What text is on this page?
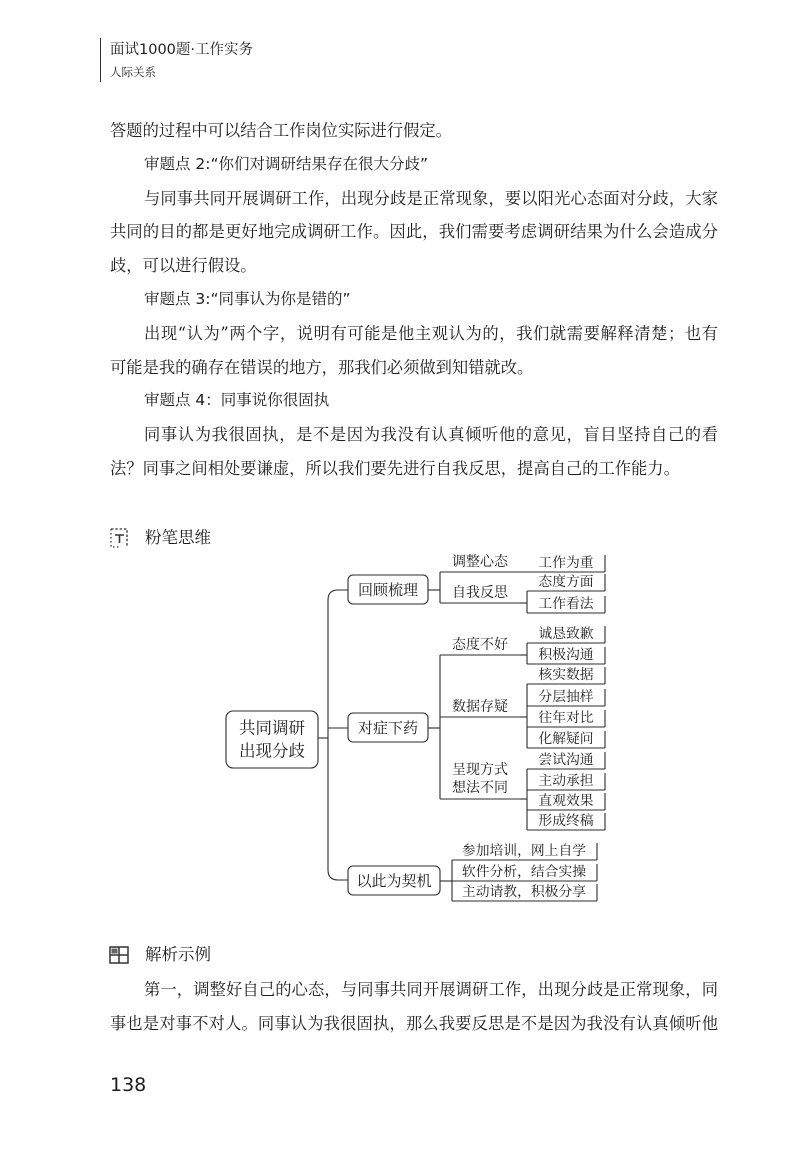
面试1000题·工作实务
人际关系
答题的过程中可以结合工作岗位实际进行假定。
审题点 2:“你们对调研结果存在很大分歧”
与同事共同开展调研工作，出现分歧是正常现象，要以阳光心态面对分歧，大家
共同的目的都是更好地完成调研工作。因此，我们需要考虑调研结果为什么会造成分
歧，可以进行假设。
审题点 3:“同事认为你是错的”
出现“认为”两个字，说明有可能是他主观认为的，我们就需要解释清楚；也有
可能是我的确存在错误的地方，那我们必须做到知错就改。
审题点 4：同事说你很固执
同事认为我很固执，是不是因为我没有认真倾听他的意见，盲目坚持自己的看
法？同事之间相处要谦虚，所以我们要先进行自我反思，提高自己的工作能力。
粉笔思维
共同调研
出现分歧
回顾梳理
调整心态
自我反思
工作为重
态度方面
工作看法
对症下药
态度不好
数据存疑
呈现方式
想法不同
诚恳致歉
积极沟通
核实数据
分层抽样
往年对比
化解疑问
尝试沟通
主动承担
直观效果
形成终稿
以此为契机
参加培训，网上自学
软件分析，结合实操
主动请教，积极分享
解析示例
第一，调整好自己的心态，与同事共同开展调研工作，出现分歧是正常现象，同
事也是对事不对人。同事认为我很固执，那么我要反思是不是因为我没有认真倾听他
138
